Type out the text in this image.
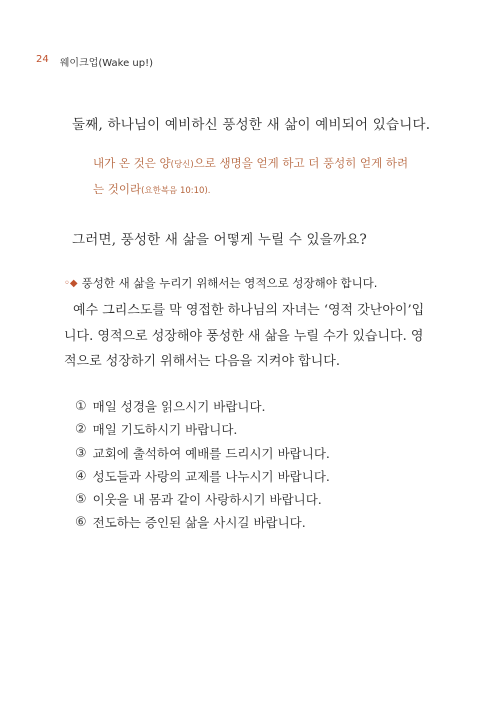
24 웨이크업(Wake up!)
둘째, 하나님이 예비하신 풍성한 새 삶이 예비되어 있습니다.
내가 온 것은 양(당신)으로 생명을 얻게 하고 더 풍성히 얻게 하려
는 것이라(요한복음 10:10).
그러면, 풍성한 새 삶을 어떻게 누릴 수 있을까요?
◦◆ 풍성한 새 삶을 누리기 위해서는 영적으로 성장해야 합니다.
예수 그리스도를 막 영접한 하나님의 자녀는 ‘영적 갓난아이’입
니다. 영적으로 성장해야 풍성한 새 삶을 누릴 수가 있습니다. 영
적으로 성장하기 위해서는 다음을 지켜야 합니다.
① 매일 성경을 읽으시기 바랍니다.
② 매일 기도하시기 바랍니다.
③ 교회에 출석하여 예배를 드리시기 바랍니다.
④ 성도들과 사랑의 교제를 나누시기 바랍니다.
⑤ 이웃을 내 몸과 같이 사랑하시기 바랍니다.
⑥ 전도하는 증인된 삶을 사시길 바랍니다.
